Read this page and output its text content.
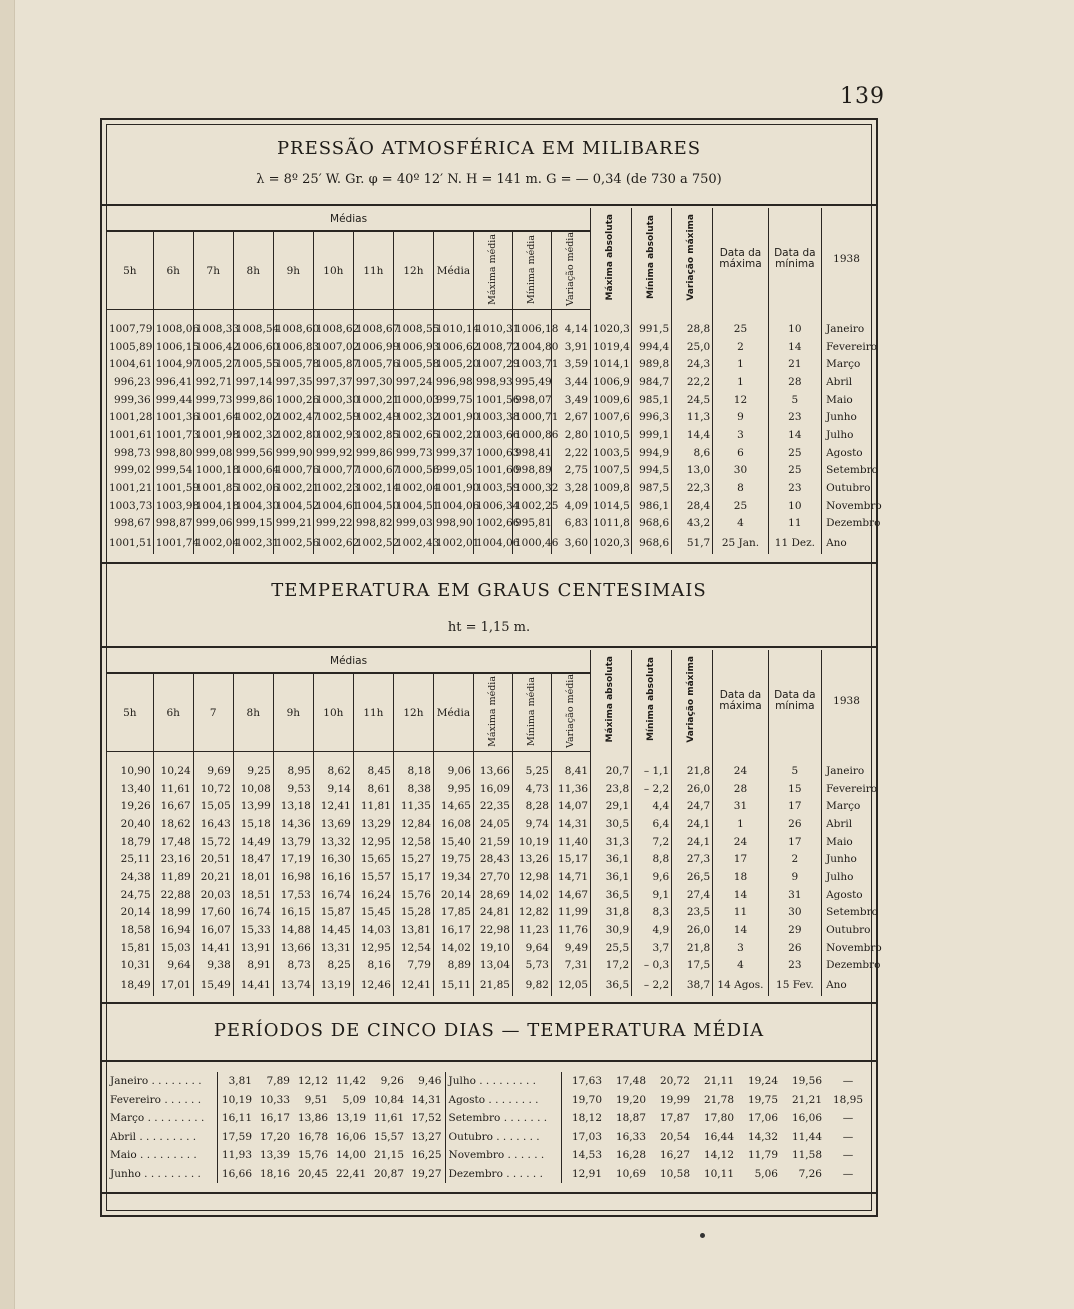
139
PRESSÃO ATMOSFÉRICA EM MILIBARES
λ = 8º 25′ W. Gr. φ = 40º 12′ N. H = 141 m. G = — 0,34 (de 730 a 750)
Médias												Máxima absoluta	Mínima absoluta	Variação máxima	Data da máxima	Data da mínima	1938
5h	6h	7h	8h	9h	10h	11h	12h	Média	Máxima média	Mínima média	Variação média						

1007,79	1008,06	1008,33	1008,54	1008,60	1008,62	1008,67	1008,55	1010,14	1010,31	1006,18	4,14	1020,3	991,5	28,8	25	10	Janeiro
1005,89	1006,15	1006,42	1006,60	1006,83	1007,02	1006,99	1006,93	1006,62	1008,72	1004,80	3,91	1019,4	994,4	25,0	2	14	Fevereiro
1004,61	1004,97	1005,27	1005,55	1005,78	1005,87	1005,76	1005,58	1005,20	1007,29	1003,71	3,59	1014,1	989,8	24,3	1	21	Março
996,23	996,41	992,71	997,14	997,35	997,37	997,30	997,24	996,98	998,93	995,49	3,44	1006,9	984,7	22,2	1	28	Abril
999,36	999,44	999,73	999,86	1000,26	1000,30	1000,21	1000,03	999,75	1001,56	998,07	3,49	1009,6	985,1	24,5	12	5	Maio
1001,28	1001,36	1001,64	1002,02	1002,47	1002,59	1002,49	1002,32	1001,90	1003,38	1000,71	2,67	1007,6	996,3	11,3	9	23	Junho
1001,61	1001,73	1001,98	1002,32	1002,80	1002,93	1002,85	1002,65	1002,20	1003,66	1000,86	2,80	1010,5	999,1	14,4	3	14	Julho
998,73	998,80	999,08	999,56	999,90	999,92	999,86	999,73	999,37	1000,63	998,41	2,22	1003,5	994,9	8,6	6	25	Agosto
999,02	999,54	1000,18	1000,64	1000,76	1000,77	1000,67	1000,56	999,05	1001,60	998,89	2,75	1007,5	994,5	13,0	30	25	Setembro
1001,21	1001,59	1001,85	1002,06	1002,21	1002,23	1002,14	1002,04	1001,90	1003,59	1000,32	3,28	1009,8	987,5	22,3	8	23	Outubro
1003,73	1003,98	1004,18	1004,30	1004,52	1004,61	1004,50	1004,51	1004,06	1006,34	1002,25	4,09	1014,5	986,1	28,4	25	10	Novembro
998,67	998,87	999,06	999,15	999,21	999,22	998,82	999,03	998,90	1002,66	995,81	6,83	1011,8	968,6	43,2	4	11	Dezembro
1001,51	1001,74	1002,04	1002,31	1002,56	1002,62	1002,52	1002,43	1002,01	1004,06	1000,46	3,60	1020,3	968,6	51,7	25 Jan.	11 Dez.	Ano
TEMPERATURA EM GRAUS CENTESIMAIS
ht = 1,15 m.
Médias												Máxima absoluta	Mínima absoluta	Variação máxima	Data da máxima	Data da mínima	1938
5h	6h	7	8h	9h	10h	11h	12h	Média	Máxima média	Mínima média	Variação média						

10,90	10,24	9,69	9,25	8,95	8,62	8,45	8,18	9,06	13,66	5,25	8,41	20,7	– 1,1	21,8	24	5	Janeiro
13,40	11,61	10,72	10,08	9,53	9,14	8,61	8,38	9,95	16,09	4,73	11,36	23,8	– 2,2	26,0	28	15	Fevereiro
19,26	16,67	15,05	13,99	13,18	12,41	11,81	11,35	14,65	22,35	8,28	14,07	29,1	4,4	24,7	31	17	Março
20,40	18,62	16,43	15,18	14,36	13,69	13,29	12,84	16,08	24,05	9,74	14,31	30,5	6,4	24,1	1	26	Abril
18,79	17,48	15,72	14,49	13,79	13,32	12,95	12,58	15,40	21,59	10,19	11,40	31,3	7,2	24,1	24	17	Maio
25,11	23,16	20,51	18,47	17,19	16,30	15,65	15,27	19,75	28,43	13,26	15,17	36,1	8,8	27,3	17	2	Junho
24,38	11,89	20,21	18,01	16,98	16,16	15,57	15,17	19,34	27,70	12,98	14,71	36,1	9,6	26,5	18	9	Julho
24,75	22,88	20,03	18,51	17,53	16,74	16,24	15,76	20,14	28,69	14,02	14,67	36,5	9,1	27,4	14	31	Agosto
20,14	18,99	17,60	16,74	16,15	15,87	15,45	15,28	17,85	24,81	12,82	11,99	31,8	8,3	23,5	11	30	Setembro
18,58	16,94	16,07	15,33	14,88	14,45	14,03	13,81	16,17	22,98	11,23	11,76	30,9	4,9	26,0	14	29	Outubro
15,81	15,03	14,41	13,91	13,66	13,31	12,95	12,54	14,02	19,10	9,64	9,49	25,5	3,7	21,8	3	26	Novembro
10,31	9,64	9,38	8,91	8,73	8,25	8,16	7,79	8,89	13,04	5,73	7,31	17,2	– 0,3	17,5	4	23	Dezembro
18,49	17,01	15,49	14,41	13,74	13,19	12,46	12,41	15,11	21,85	9,82	12,05	36,5	– 2,2	38,7	14 Agos.	15 Fev.	Ano
PERÍODOS DE CINCO DIAS — TEMPERATURA MÉDIA
Janeiro . . . . . . . .	3,81	7,89	12,12	11,42	9,26	9,46	Julho . . . . . . . . .	17,63	17,48	20,72	21,11	19,24	19,56	—
Fevereiro . . . . . .	10,19	10,33	9,51	5,09	10,84	14,31	Agosto . . . . . . . .	19,70	19,20	19,99	21,78	19,75	21,21	18,95
Março . . . . . . . . .	16,11	16,17	13,86	13,19	11,61	17,52	Setembro . . . . . . .	18,12	18,87	17,87	17,80	17,06	16,06	—
Abril . . . . . . . . .	17,59	17,20	16,78	16,06	15,57	13,27	Outubro . . . . . . .	17,03	16,33	20,54	16,44	14,32	11,44	—
Maio . . . . . . . . .	11,93	13,39	15,76	14,00	21,15	16,25	Novembro . . . . . .	14,53	16,28	16,27	14,12	11,79	11,58	—
Junho . . . . . . . . .	16,66	18,16	20,45	22,41	20,87	19,27	Dezembro . . . . . .	12,91	10,69	10,58	10,11	5,06	7,26	—
